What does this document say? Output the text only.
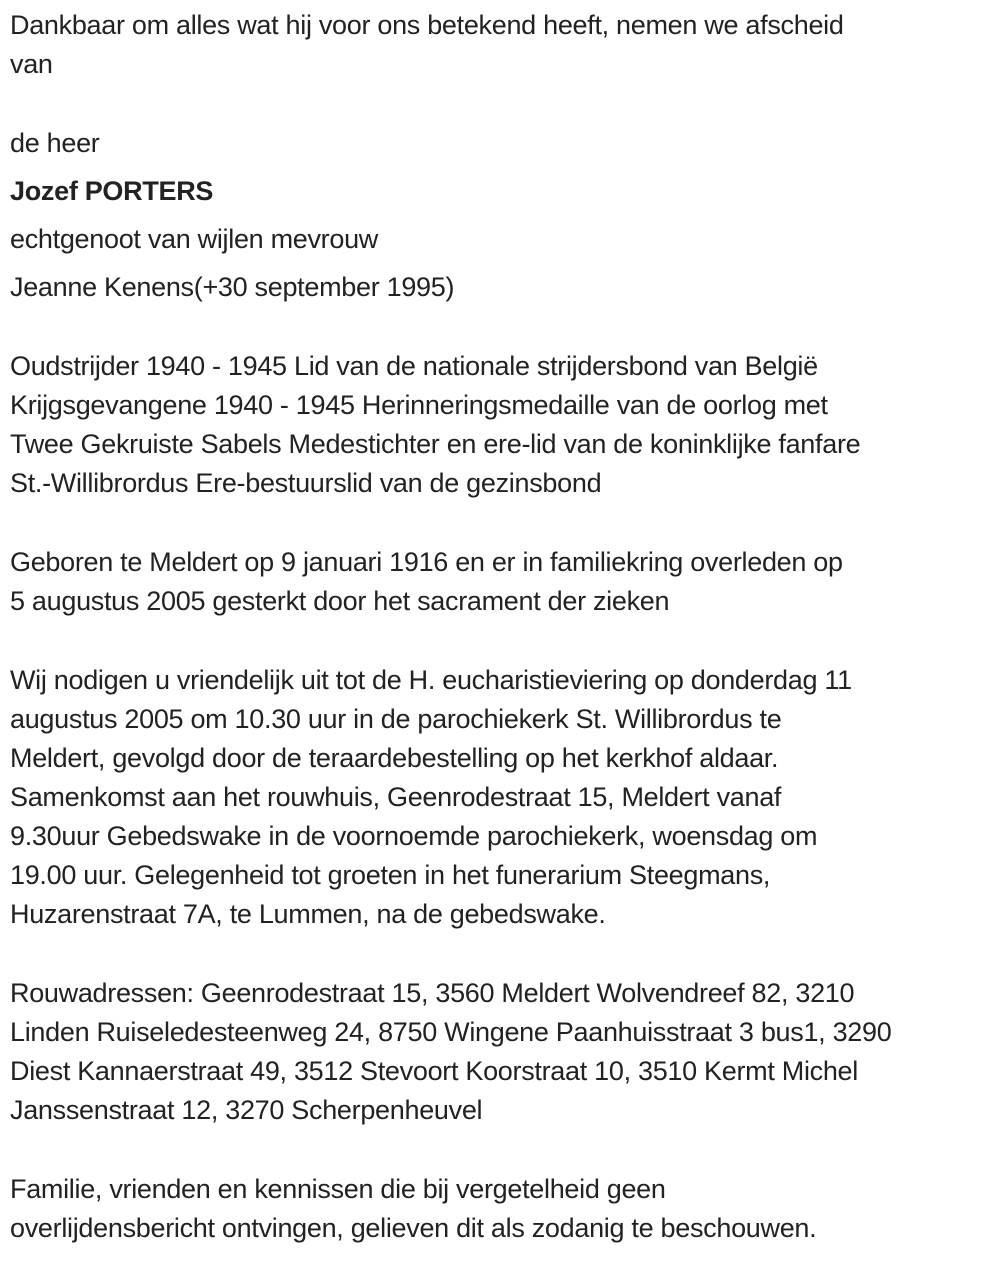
Dankbaar om alles wat hij voor ons betekend heeft, nemen we afscheid
van

de heer

Jozef PORTERS

echtgenoot van wijlen mevrouw

Jeanne Kenens(+30 september 1995)

Oudstrijder 1940 - 1945 Lid van de nationale strijdersbond van België
Krijgsgevangene 1940 - 1945 Herinneringsmedaille van de oorlog met
Twee Gekruiste Sabels Medestichter en ere-lid van de koninklijke fanfare
St.-Willibrordus Ere-bestuurslid van de gezinsbond
Geboren te Meldert op 9 januari 1916 en er in familiekring overleden op
5 augustus 2005 gesterkt door het sacrament der zieken
Wij nodigen u vriendelijk uit tot de H. eucharistieviering op donderdag 11
augustus 2005 om 10.30 uur in de parochiekerk St. Willibrordus te
Meldert, gevolgd door de teraardebestelling op het kerkhof aldaar.
Samenkomst aan het rouwhuis, Geenrodestraat 15, Meldert vanaf
9.30uur Gebedswake in de voornoemde parochiekerk, woensdag om
19.00 uur. Gelegenheid tot groeten in het funerarium Steegmans,
Huzarenstraat 7A, te Lummen, na de gebedswake.
Rouwadressen: Geenrodestraat 15, 3560 Meldert Wolvendreef 82, 3210
Linden Ruiseledesteenweg 24, 8750 Wingene Paanhuisstraat 3 bus1, 3290
Diest Kannaerstraat 49, 3512 Stevoort Koorstraat 10, 3510 Kermt Michel
Janssenstraat 12, 3270 Scherpenheuvel
Familie, vrienden en kennissen die bij vergetelheid geen
overlijdensbericht ontvingen, gelieven dit als zodanig te beschouwen.
